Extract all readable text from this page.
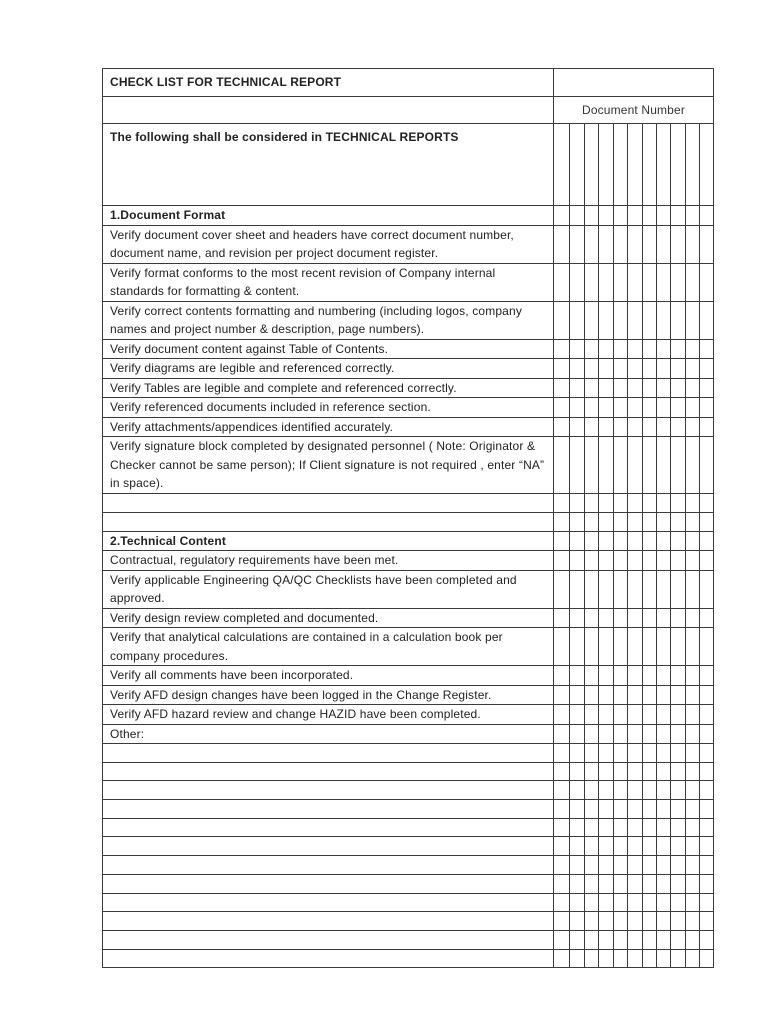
CHECK LIST FOR TECHNICAL REPORT											
	Document Number										
The following shall be considered in TECHNICAL REPORTS											
1.Document Format											
Verify document cover sheet and headers have correct document number, document name, and revision per project document register.											
Verify format conforms to the most recent revision of Company internal standards for formatting & content.											
Verify correct contents formatting and numbering (including logos, company names and project number & description, page numbers).											
Verify document content against Table of Contents.											
Verify diagrams are legible and referenced correctly.											
Verify Tables are legible and complete and referenced correctly.											
Verify referenced documents included in reference section.											
Verify attachments/appendices identified accurately.											
Verify signature block completed by designated personnel ( Note: Originator & Checker cannot be same person); If Client signature is not required , enter “NA” in space).											

2.Technical Content											
Contractual, regulatory requirements have been met.											
Verify applicable Engineering QA/QC Checklists have been completed and approved.											
Verify design review completed and documented.											
Verify that analytical calculations are contained in a calculation book per company procedures.											
Verify all comments have been incorporated.											
Verify AFD design changes have been logged in the Change Register.											
Verify AFD hazard review and change HAZID have been completed.											
Other:											
